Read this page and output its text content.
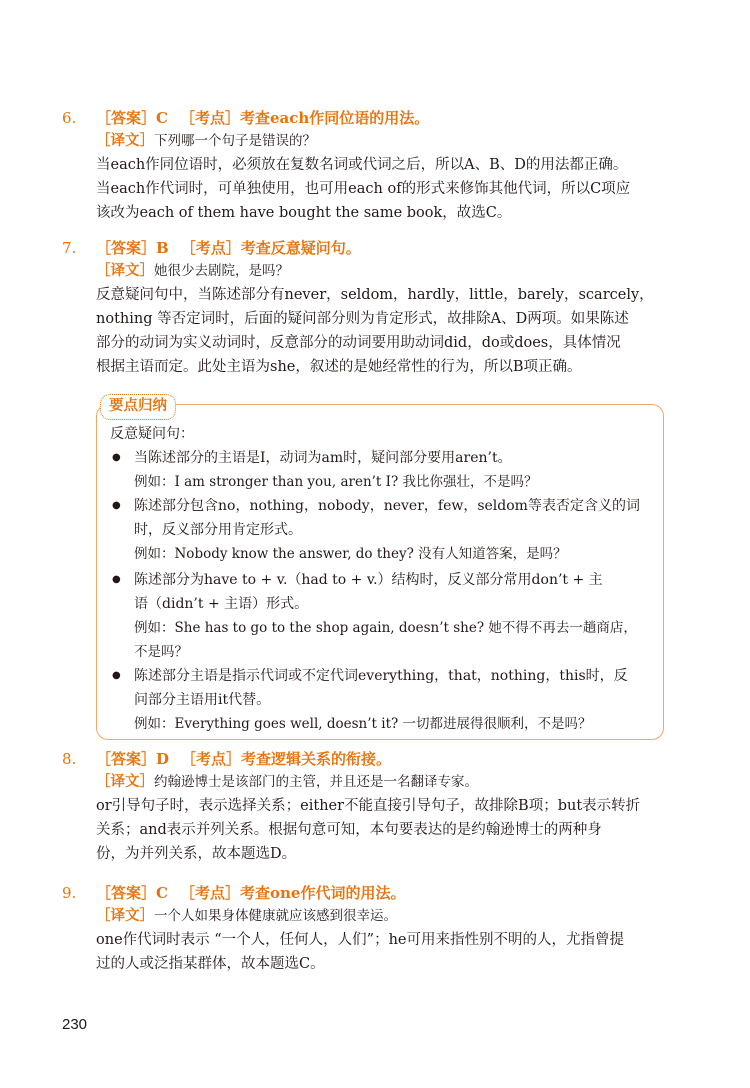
6. ［答案］C ［考点］考查each作同位语的用法。
［译文］下列哪一个句子是错误的？
当each作同位语时，必须放在复数名词或代词之后，所以A、B、D的用法都正确。
当each作代词时，可单独使用，也可用each of的形式来修饰其他代词，所以C项应
该改为each of them have bought the same book，故选C。
7. ［答案］B ［考点］考查反意疑问句。
［译文］她很少去剧院，是吗？
反意疑问句中，当陈述部分有never，seldom，hardly，little，barely，scarcely，
nothing 等否定词时，后面的疑问部分则为肯定形式，故排除A、D两项。如果陈述
部分的动词为实义动词时，反意部分的动词要用助动词did，do或does，具体情况
根据主语而定。此处主语为she，叙述的是她经常性的行为，所以B项正确。
要点归纳
反意疑问句：
● 当陈述部分的主语是I，动词为am时，疑问部分要用aren’t。
例如：I am stronger than you, aren’t I? 我比你强壮，不是吗？
● 陈述部分包含no，nothing，nobody，never，few，seldom等表否定含义的词
时，反义部分用肯定形式。
例如：Nobody know the answer, do they? 没有人知道答案，是吗？
● 陈述部分为have to + v.（had to + v.）结构时，反义部分常用don’t + 主
语（didn’t + 主语）形式。
例如：She has to go to the shop again, doesn’t she? 她不得不再去一趟商店，
不是吗？
● 陈述部分主语是指示代词或不定代词everything，that，nothing，this时，反
问部分主语用it代替。
例如：Everything goes well, doesn’t it? 一切都进展得很顺利，不是吗？
8. ［答案］D ［考点］考查逻辑关系的衔接。
［译文］约翰逊博士是该部门的主管，并且还是一名翻译专家。
or引导句子时，表示选择关系；either不能直接引导句子，故排除B项；but表示转折
关系；and表示并列关系。根据句意可知，本句要表达的是约翰逊博士的两种身
份，为并列关系，故本题选D。
9. ［答案］C ［考点］考查one作代词的用法。
［译文］一个人如果身体健康就应该感到很幸运。
one作代词时表示 “一个人，任何人，人们”；he可用来指性别不明的人，尤指曾提
过的人或泛指某群体，故本题选C。
230
